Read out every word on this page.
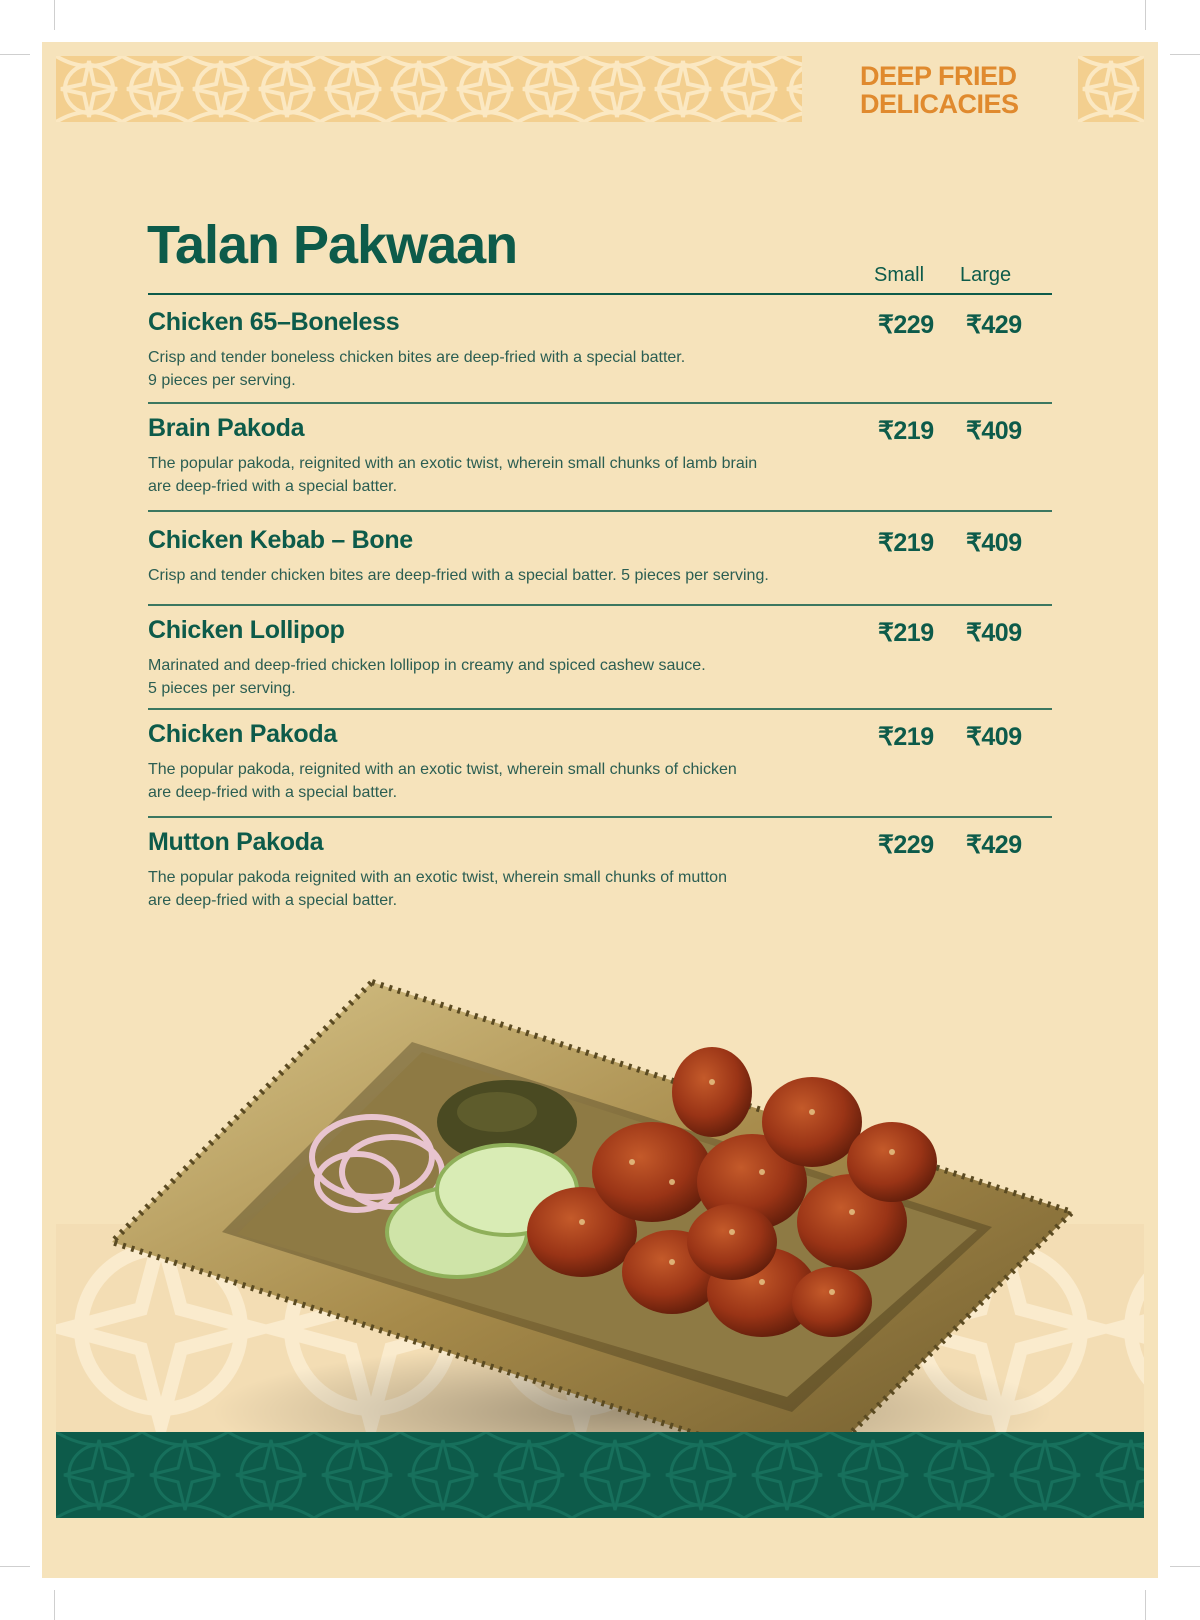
DEEP FRIED
DELICACIES
Talan Pakwaan	Small Large
Chicken 65–Boneless
Crisp and tender boneless chicken bites are deep-fried with a special batter.
9 pieces per serving.
₹229 ₹429
Brain Pakoda
The popular pakoda, reignited with an exotic twist, wherein small chunks of lamb brain
are deep-fried with a special batter.
₹219 ₹409
Chicken Kebab – Bone
Crisp and tender chicken bites are deep-fried with a special batter. 5 pieces per serving.
₹219 ₹409
Chicken Lollipop
Marinated and deep-fried chicken lollipop in creamy and spiced cashew sauce.
5 pieces per serving.
₹219 ₹409
Chicken Pakoda
The popular pakoda, reignited with an exotic twist, wherein small chunks of chicken
are deep-fried with a special batter.
₹219 ₹409
Mutton Pakoda
The popular pakoda reignited with an exotic twist, wherein small chunks of mutton
are deep-fried with a special batter.
₹229 ₹429
